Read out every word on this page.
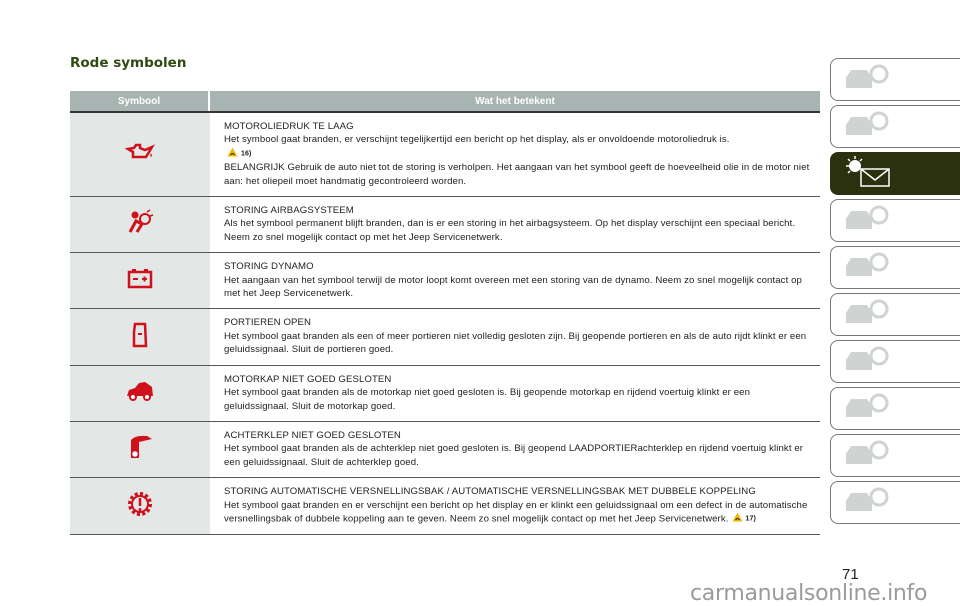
Rode symbolen
Symbool	Wat het betekent
MOTOROLIEDRUK TE LAAG
Het symbool gaat branden, er verschijnt tegelijkertijd een bericht op het display, als er onvoldoende motoroliedruk is.
16)
BELANGRIJK Gebruik de auto niet tot de storing is verholpen. Het aangaan van het symbool geeft de hoeveelheid olie in de motor niet aan: het oliepeil moet handmatig gecontroleerd worden.
STORING AIRBAGSYSTEEM
Als het symbool permanent blijft branden, dan is er een storing in het airbagsysteem. Op het display verschijnt een speciaal bericht. Neem zo snel mogelijk contact op met het Jeep Servicenetwerk.
STORING DYNAMO
Het aangaan van het symbool terwijl de motor loopt komt overeen met een storing van de dynamo. Neem zo snel mogelijk contact op met het Jeep Servicenetwerk.
PORTIEREN OPEN
Het symbool gaat branden als een of meer portieren niet volledig gesloten zijn. Bij geopende portieren en als de auto rijdt klinkt er een geluidssignaal. Sluit de portieren goed.
MOTORKAP NIET GOED GESLOTEN
Het symbool gaat branden als de motorkap niet goed gesloten is. Bij geopende motorkap en rijdend voertuig klinkt er een geluidssignaal. Sluit de motorkap goed.
ACHTERKLEP NIET GOED GESLOTEN
Het symbool gaat branden als de achterklep niet goed gesloten is. Bij geopend LAADPORTIERachterklep en rijdend voertuig klinkt er een geluidssignaal. Sluit de achterklep goed.
STORING AUTOMATISCHE VERSNELLINGSBAK / AUTOMATISCHE VERSNELLINGSBAK MET DUBBELE KOPPELING
Het symbool gaat branden en er verschijnt een bericht op het display en er klinkt een geluidssignaal om een defect in de automatische versnellingsbak of dubbele koppeling aan te geven. Neem zo snel mogelijk contact op met het Jeep Servicenetwerk. 17)
71
carmanualsonline.info
